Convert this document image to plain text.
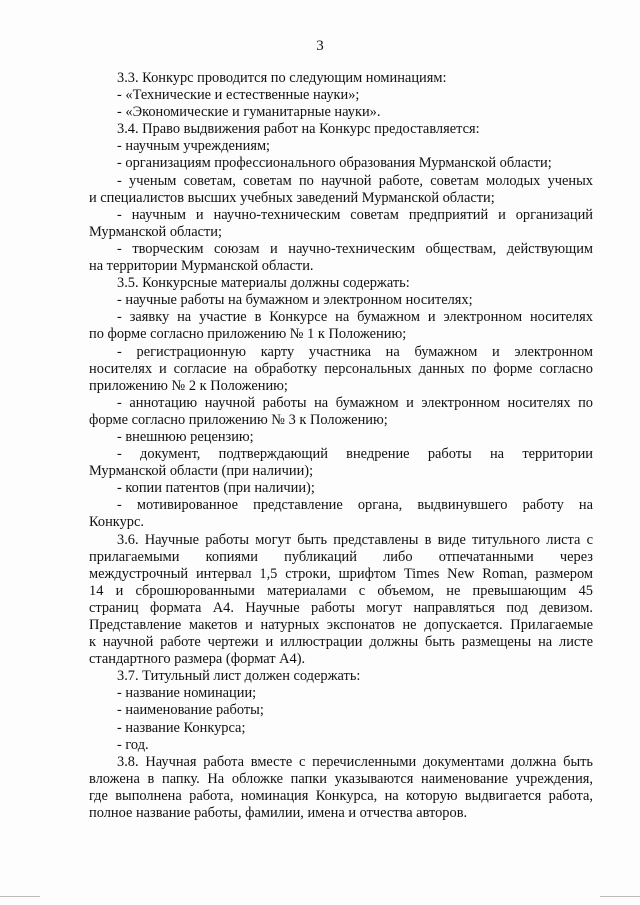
3
3.3. Конкурс проводится по следующим номинациям:
- «Технические и естественные науки»;
- «Экономические и гуманитарные науки».
3.4. Право выдвижения работ на Конкурс предоставляется:
- научным учреждениям;
- организациям профессионального образования Мурманской области;
- ученым советам, советам по научной работе, советам молодых ученых
и специалистов высших учебных заведений Мурманской области;
- научным и научно-техническим советам предприятий и организаций
Мурманской области;
- творческим союзам и научно-техническим обществам, действующим
на территории Мурманской области.
3.5. Конкурсные материалы должны содержать:
- научные работы на бумажном и электронном носителях;
- заявку на участие в Конкурсе на бумажном и электронном носителях
по форме согласно приложению № 1 к Положению;
- регистрационную карту участника на бумажном и электронном
носителях и согласие на обработку персональных данных по форме согласно
приложению № 2 к Положению;
- аннотацию научной работы на бумажном и электронном носителях по
форме согласно приложению № 3 к Положению;
- внешнюю рецензию;
- документ, подтверждающий внедрение работы на территории
Мурманской области (при наличии);
- копии патентов (при наличии);
- мотивированное представление органа, выдвинувшего работу на
Конкурс.
3.6. Научные работы могут быть представлены в виде титульного листа с
прилагаемыми копиями публикаций либо отпечатанными через
междустрочный интервал 1,5 строки, шрифтом Times New Roman, размером
14 и сброшюрованными материалами с объемом, не превышающим 45
страниц формата А4. Научные работы могут направляться под девизом.
Представление макетов и натурных экспонатов не допускается. Прилагаемые
к научной работе чертежи и иллюстрации должны быть размещены на листе
стандартного размера (формат А4).
3.7. Титульный лист должен содержать:
- название номинации;
- наименование работы;
- название Конкурса;
- год.
3.8. Научная работа вместе с перечисленными документами должна быть
вложена в папку. На обложке папки указываются наименование учреждения,
где выполнена работа, номинация Конкурса, на которую выдвигается работа,
полное название работы, фамилии, имена и отчества авторов.
